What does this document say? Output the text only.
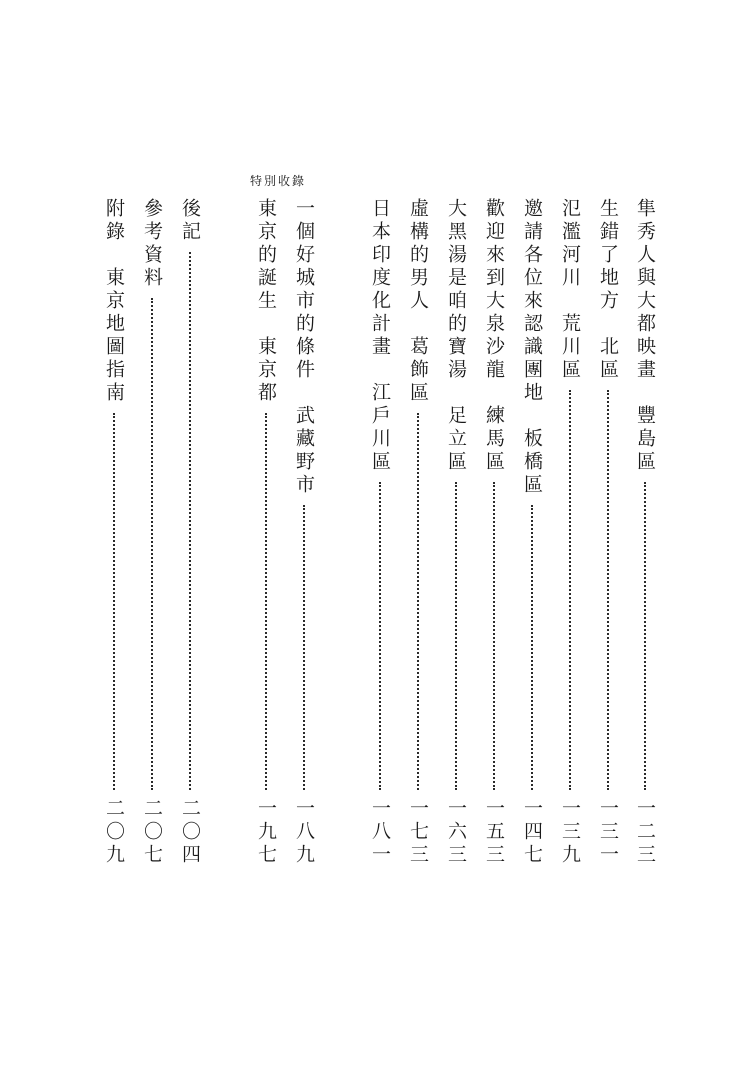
特別收錄
隼秀人與大都映畫　豐島區
一二三
生錯了地方　北區
一三一
氾濫河川　荒川區
一三九
邀請各位來認識團地　板橋區
一四七
歡迎來到大泉沙龍　練馬區
一五三
大黑湯是咱的寶湯　足立區
一六三
虛構的男人　葛飾區
一七三
日本印度化計畫　江戶川區
一八一
一個好城市的條件　武藏野市
一八九
東京的誕生　東京都
一九七
後記
二〇四
參考資料
二〇七
附錄　東京地圖指南
二〇九
